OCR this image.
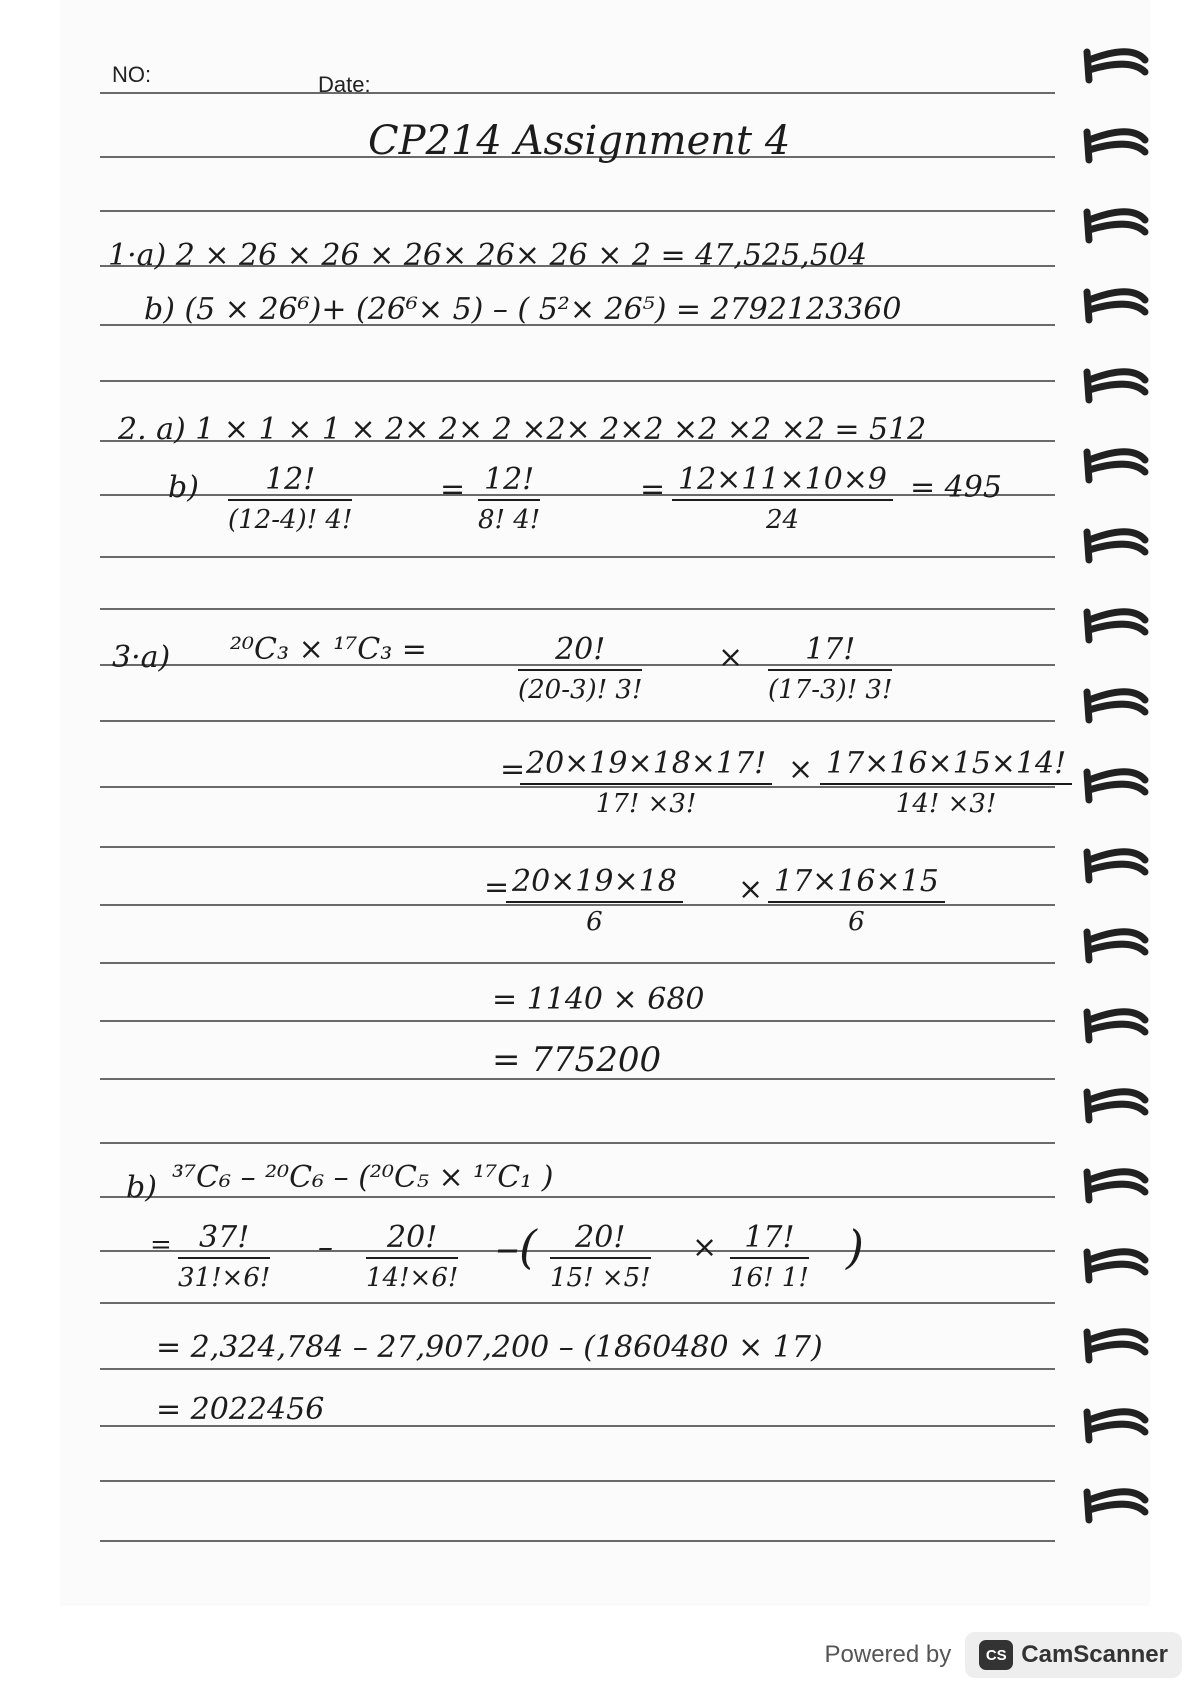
NO:	Date:
CP214 Assignment 4
1·a) 2 × 26 × 26 × 26× 26× 26 × 2 = 47,525,504
b) (5 × 26⁶)+ (26⁶× 5) – ( 5²× 26⁵) = 2792123360
2. a) 1 × 1 × 1 × 2× 2× 2 ×2× 2×2 ×2 ×2 ×2 = 512
$b) \frac{12!}{(12-4)! 4!}$	= $\frac{12!}{8! 4!}$	= $\frac{12\times 11\times 10\times 9}{24} = 495$
3·a) ²⁰C₃ × ¹⁷C₃ =	$\frac{20!}{(20-3)! 3!}$	× $\frac{17!}{(17-3)! 3!}$
=
$\frac{20\times 19\times 18\times 17!}{17! \times 3!} \times \frac{17\times 16\times 15\times 14!}{14! \times 3!}$
=
$\frac{20\times 19\times 18}{6} \times \frac{17\times 16\times 15}{6}$
= 1140 × 680
= 775200
b) ³⁷C₆ – ²⁰C₆ – (²⁰C₅ × ¹⁷C₁ )
= $\frac{37!}{31!\times 6!} - \frac{20!}{14!\times 6!}$ –( $\frac{20!}{15! \times 5!} \times \frac{17!}{16! 1!}$ )
= 2,324,784 – 27,907,200 – (1860480 × 17)
= 2022456
Powered by	CS CamScanner
